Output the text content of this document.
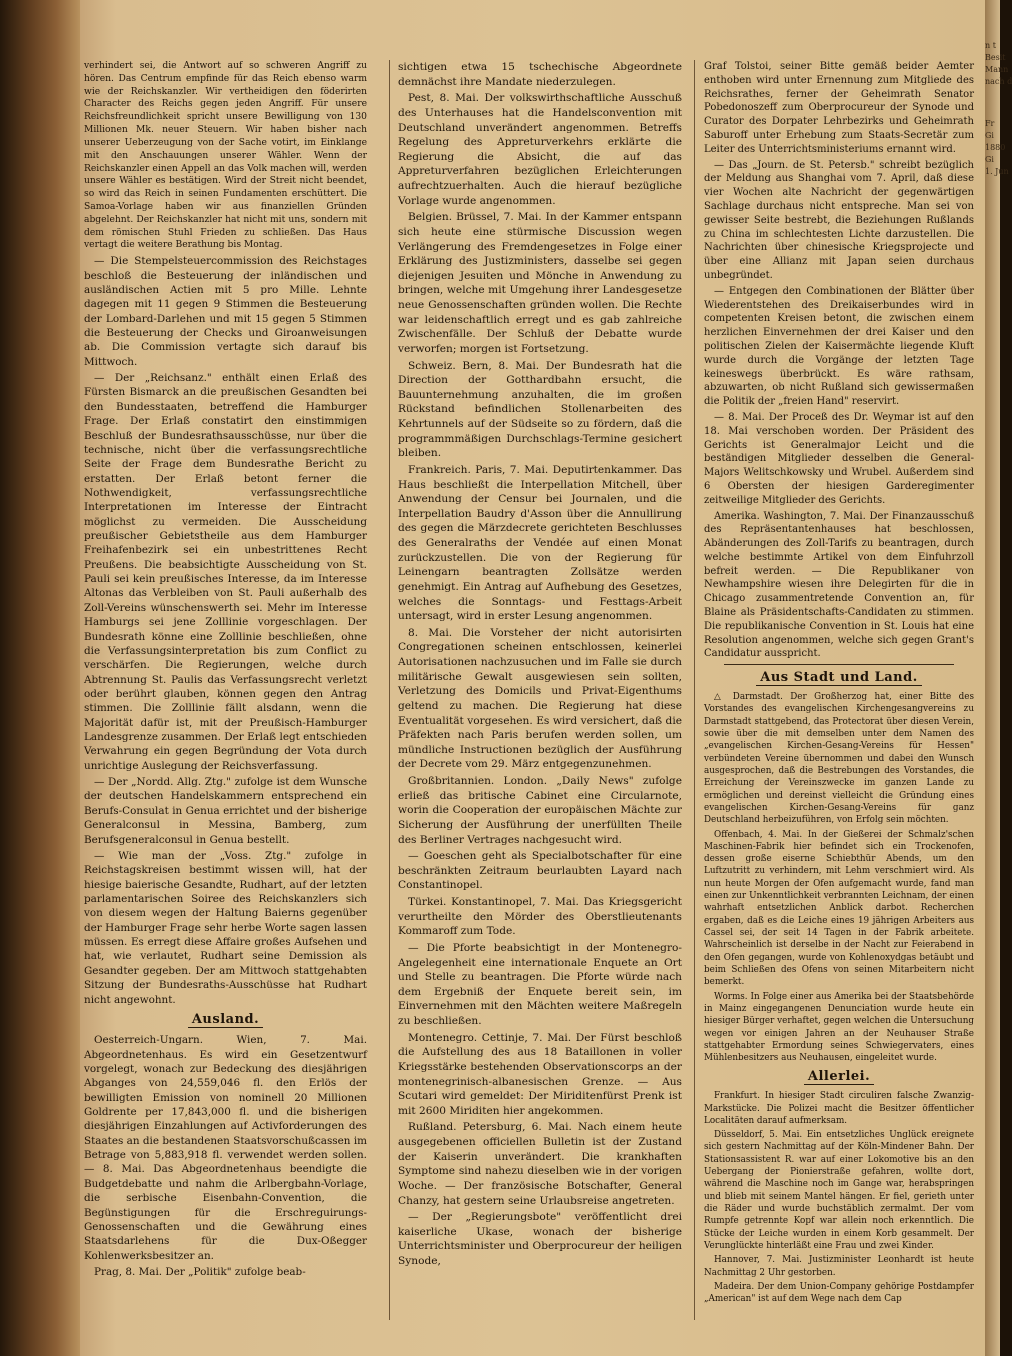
verhindert sei, die Antwort auf so schweren Angriff zu hören. Das Centrum empfinde für das Reich ebenso warm wie der Reichskanzler. Wir vertheidigen den föderirten Character des Reichs gegen jeden Angriff. Für unsere Reichsfreundlichkeit spricht unsere Bewilligung von 130 Millionen Mk. neuer Steuern. Wir haben bisher nach unserer Ueberzeugung von der Sache votirt, im Einklange mit den Anschauungen unserer Wähler. Wenn der Reichskanzler einen Appell an das Volk machen will, werden unsere Wähler es bestätigen. Wird der Streit nicht beendet, so wird das Reich in seinen Fundamenten erschüttert. Die Samoa-Vorlage haben wir aus finanziellen Gründen abgelehnt. Der Reichskanzler hat nicht mit uns, sondern mit dem römischen Stuhl Frieden zu schließen. Das Haus vertagt die weitere Berathung bis Montag.

— Die Stempelsteuercommission des Reichstages beschloß die Besteuerung der inländischen und ausländischen Actien mit 5 pro Mille. Lehnte dagegen mit 11 gegen 9 Stimmen die Besteuerung der Lombard-Darlehen und mit 15 gegen 5 Stimmen die Besteuerung der Checks und Giroanweisungen ab. Die Commission vertagte sich darauf bis Mittwoch.

— Der „Reichsanz." enthält einen Erlaß des Fürsten Bismarck an die preußischen Gesandten bei den Bundesstaaten, betreffend die Hamburger Frage. Der Erlaß constatirt den einstimmigen Beschluß der Bundesrathsausschüsse, nur über die technische, nicht über die verfassungsrechtliche Seite der Frage dem Bundesrathe Bericht zu erstatten. Der Erlaß betont ferner die Nothwendigkeit, verfassungsrechtliche Interpretationen im Interesse der Eintracht möglichst zu vermeiden. Die Ausscheidung preußischer Gebietstheile aus dem Hamburger Freihafenbezirk sei ein unbestrittenes Recht Preußens. Die beabsichtigte Ausscheidung von St. Pauli sei kein preußisches Interesse, da im Interesse Altonas das Verbleiben von St. Pauli außerhalb des Zoll-Vereins wünschenswerth sei. Mehr im Interesse Hamburgs sei jene Zolllinie vorgeschlagen. Der Bundesrath könne eine Zolllinie beschließen, ohne die Verfassungsinterpretation bis zum Conflict zu verschärfen. Die Regierungen, welche durch Abtrennung St. Paulis das Verfassungsrecht verletzt oder berührt glauben, können gegen den Antrag stimmen. Die Zolllinie fällt alsdann, wenn die Majorität dafür ist, mit der Preußisch-Hamburger Landesgrenze zusammen. Der Erlaß legt entschieden Verwahrung ein gegen Begründung der Vota durch unrichtige Auslegung der Reichsverfassung.

— Der „Nordd. Allg. Ztg." zufolge ist dem Wunsche der deutschen Handelskammern entsprechend ein Berufs-Consulat in Genua errichtet und der bisherige Generalconsul in Messina, Bamberg, zum Berufsgeneralconsul in Genua bestellt.

— Wie man der „Voss. Ztg." zufolge in Reichstagskreisen bestimmt wissen will, hat der hiesige baierische Gesandte, Rudhart, auf der letzten parlamentarischen Soiree des Reichskanzlers sich von diesem wegen der Haltung Baierns gegenüber der Hamburger Frage sehr herbe Worte sagen lassen müssen. Es erregt diese Affaire großes Aufsehen und hat, wie verlautet, Rudhart seine Demission als Gesandter gegeben. Der am Mittwoch stattgehabten Sitzung der Bundesraths-Ausschüsse hat Rudhart nicht angewohnt.

Ausland.

Oesterreich-Ungarn. Wien, 7. Mai. Abgeordnetenhaus. Es wird ein Gesetzentwurf vorgelegt, wonach zur Bedeckung des diesjährigen Abganges von 24,559,046 fl. den Erlös der bewilligten Emission von nominell 20 Millionen Goldrente per 17,843,000 fl. und die bisherigen diesjährigen Einzahlungen auf Activforderungen des Staates an die bestandenen Staatsvorschußcassen im Betrage von 5,883,918 fl. verwendet werden sollen. — 8. Mai. Das Abgeordnetenhaus beendigte die Budgetdebatte und nahm die Arlbergbahn-Vorlage, die serbische Eisenbahn-Convention, die Begünstigungen für die Erschreguirungs-Genossenschaften und die Gewährung eines Staatsdarlehens für die Dux-Oßegger Kohlenwerksbesitzer an.

Prag, 8. Mai. Der „Politik" zufolge beab-

sichtigen etwa 15 tschechische Abgeordnete demnächst ihre Mandate niederzulegen.

Pest, 8. Mai. Der volkswirthschaftliche Ausschuß des Unterhauses hat die Handelsconvention mit Deutschland unverändert angenommen. Betreffs Regelung des Appreturverkehrs erklärte die Regierung die Absicht, die auf das Appreturverfahren bezüglichen Erleichterungen aufrechtzuerhalten. Auch die hierauf bezügliche Vorlage wurde angenommen.

Belgien. Brüssel, 7. Mai. In der Kammer entspann sich heute eine stürmische Discussion wegen Verlängerung des Fremdengesetzes in Folge einer Erklärung des Justizministers, dasselbe sei gegen diejenigen Jesuiten und Mönche in Anwendung zu bringen, welche mit Umgehung ihrer Landesgesetze neue Genossenschaften gründen wollen. Die Rechte war leidenschaftlich erregt und es gab zahlreiche Zwischenfälle. Der Schluß der Debatte wurde verworfen; morgen ist Fortsetzung.

Schweiz. Bern, 8. Mai. Der Bundesrath hat die Direction der Gotthardbahn ersucht, die Bauunternehmung anzuhalten, die im großen Rückstand befindlichen Stollenarbeiten des Kehrtunnels auf der Südseite so zu fördern, daß die programmmäßigen Durchschlags-Termine gesichert bleiben.

Frankreich. Paris, 7. Mai. Deputirtenkammer. Das Haus beschließt die Interpellation Mitchell, über Anwendung der Censur bei Journalen, und die Interpellation Baudry d'Asson über die Annullirung des gegen die Märzdecrete gerichteten Beschlusses des Generalraths der Vendée auf einen Monat zurückzustellen. Die von der Regierung für Leinengarn beantragten Zollsätze werden genehmigt. Ein Antrag auf Aufhebung des Gesetzes, welches die Sonntags- und Festtags-Arbeit untersagt, wird in erster Lesung angenommen.

8. Mai. Die Vorsteher der nicht autorisirten Congregationen scheinen entschlossen, keinerlei Autorisationen nachzusuchen und im Falle sie durch militärische Gewalt ausgewiesen sein sollten, Verletzung des Domicils und Privat-Eigenthums geltend zu machen. Die Regierung hat diese Eventualität vorgesehen. Es wird versichert, daß die Präfekten nach Paris berufen werden sollen, um mündliche Instructionen bezüglich der Ausführung der Decrete vom 29. März entgegenzunehmen.

Großbritannien. London. „Daily News" zufolge erließ das britische Cabinet eine Circularnote, worin die Cooperation der europäischen Mächte zur Sicherung der Ausführung der unerfüllten Theile des Berliner Vertrages nachgesucht wird.

— Goeschen geht als Specialbotschafter für eine beschränkten Zeitraum beurlaubten Layard nach Constantinopel.

Türkei. Konstantinopel, 7. Mai. Das Kriegsgericht verurtheilte den Mörder des Oberstlieutenants Kommaroff zum Tode.

— Die Pforte beabsichtigt in der Montenegro-Angelegenheit eine internationale Enquete an Ort und Stelle zu beantragen. Die Pforte würde nach dem Ergebniß der Enquete bereit sein, im Einvernehmen mit den Mächten weitere Maßregeln zu beschließen.

Montenegro. Cettinje, 7. Mai. Der Fürst beschloß die Aufstellung des aus 18 Bataillonen in voller Kriegsstärke bestehenden Observationscorps an der montenegrinisch-albanesischen Grenze. — Aus Scutari wird gemeldet: Der Miriditenfürst Prenk ist mit 2600 Miriditen hier angekommen.

Rußland. Petersburg, 6. Mai. Nach einem heute ausgegebenen officiellen Bulletin ist der Zustand der Kaiserin unverändert. Die krankhaften Symptome sind nahezu dieselben wie in der vorigen Woche. — Der französische Botschafter, General Chanzy, hat gestern seine Urlaubsreise angetreten.

— Der „Regierungsbote" veröffentlicht drei kaiserliche Ukase, wonach der bisherige Unterrichtsminister und Oberprocureur der heiligen Synode,

Graf Tolstoi, seiner Bitte gemäß beider Aemter enthoben wird unter Ernennung zum Mitgliede des Reichsrathes, ferner der Geheimrath Senator Pobedonoszeff zum Oberprocureur der Synode und Curator des Dorpater Lehrbezirks und Geheimrath Saburoff unter Erhebung zum Staats-Secretär zum Leiter des Unterrichtsministeriums ernannt wird.

— Das „Journ. de St. Petersb." schreibt bezüglich der Meldung aus Shanghai vom 7. April, daß diese vier Wochen alte Nachricht der gegenwärtigen Sachlage durchaus nicht entspreche. Man sei von gewisser Seite bestrebt, die Beziehungen Rußlands zu China im schlechtesten Lichte darzustellen. Die Nachrichten über chinesische Kriegsprojecte und über eine Allianz mit Japan seien durchaus unbegründet.

— Entgegen den Combinationen der Blätter über Wiederentstehen des Dreikaiserbundes wird in competenten Kreisen betont, die zwischen einem herzlichen Einvernehmen der drei Kaiser und den politischen Zielen der Kaisermächte liegende Kluft wurde durch die Vorgänge der letzten Tage keineswegs überbrückt. Es wäre rathsam, abzuwarten, ob nicht Rußland sich gewissermaßen die Politik der „freien Hand" reservirt.

— 8. Mai. Der Proceß des Dr. Weymar ist auf den 18. Mai verschoben worden. Der Präsident des Gerichts ist Generalmajor Leicht und die beständigen Mitglieder desselben die General-Majors Welitschkowsky und Wrubel. Außerdem sind 6 Obersten der hiesigen Garderegimenter zeitweilige Mitglieder des Gerichts.

Amerika. Washington, 7. Mai. Der Finanzausschuß des Repräsentantenhauses hat beschlossen, Abänderungen des Zoll-Tarifs zu beantragen, durch welche bestimmte Artikel von dem Einfuhrzoll befreit werden. — Die Republikaner von Newhampshire wiesen ihre Delegirten für die in Chicago zusammentretende Convention an, für Blaine als Präsidentschafts-Candidaten zu stimmen. Die republikanische Convention in St. Louis hat eine Resolution angenommen, welche sich gegen Grant's Candidatur ausspricht.

Aus Stadt und Land.

△ Darmstadt. Der Großherzog hat, einer Bitte des Vorstandes des evangelischen Kirchengesangvereins zu Darmstadt stattgebend, das Protectorat über diesen Verein, sowie über die mit demselben unter dem Namen des „evangelischen Kirchen-Gesang-Vereins für Hessen" verbündeten Vereine übernommen und dabei den Wunsch ausgesprochen, daß die Bestrebungen des Vorstandes, die Erreichung der Vereinszwecke im ganzen Lande zu ermöglichen und dereinst vielleicht die Gründung eines evangelischen Kirchen-Gesang-Vereins für ganz Deutschland herbeizuführen, von Erfolg sein möchten.

Offenbach, 4. Mai. In der Gießerei der Schmalz'schen Maschinen-Fabrik hier befindet sich ein Trockenofen, dessen große eiserne Schiebthür Abends, um den Luftzutritt zu verhindern, mit Lehm verschmiert wird. Als nun heute Morgen der Ofen aufgemacht wurde, fand man einen zur Unkenntlichkeit verbrannten Leichnam, der einen wahrhaft entsetzlichen Anblick darbot. Recherchen ergaben, daß es die Leiche eines 19 jährigen Arbeiters aus Cassel sei, der seit 14 Tagen in der Fabrik arbeitete. Wahrscheinlich ist derselbe in der Nacht zur Feierabend in den Ofen gegangen, wurde von Kohlenoxydgas betäubt und beim Schließen des Ofens von seinen Mitarbeitern nicht bemerkt.

Worms. In Folge einer aus Amerika bei der Staatsbehörde in Mainz eingegangenen Denunciation wurde heute ein hiesiger Bürger verhaftet, gegen welchen die Untersuchung wegen vor einigen Jahren an der Neuhauser Straße stattgehabter Ermordung seines Schwiegervaters, eines Mühlenbesitzers aus Neuhausen, eingeleitet wurde.

Allerlei.

Frankfurt. In hiesiger Stadt circuliren falsche Zwanzig-Markstücke. Die Polizei macht die Besitzer öffentlicher Localitäten darauf aufmerksam.

Düsseldorf, 5. Mai. Ein entsetzliches Unglück ereignete sich gestern Nachmittag auf der Köln-Mindener Bahn. Der Stationsassistent R. war auf einer Lokomotive bis an den Uebergang der Pionierstraße gefahren, wollte dort, während die Maschine noch im Gange war, herabspringen und blieb mit seinem Mantel hängen. Er fiel, gerieth unter die Räder und wurde buchstäblich zermalmt. Der vom Rumpfe getrennte Kopf war allein noch erkenntlich. Die Stücke der Leiche wurden in einem Korb gesammelt. Der Verunglückte hinterläßt eine Frau und zwei Kinder.

Hannover, 7. Mai. Justizminister Leonhardt ist heute Nachmittag 2 Uhr gestorben.

Madeira. Der dem Union-Company gehörige Postdampfer „American" ist auf dem Wege nach dem Cap

n t
Besit
Mann
nach d
Fr
Gi
1880
Gi
1. Jun
